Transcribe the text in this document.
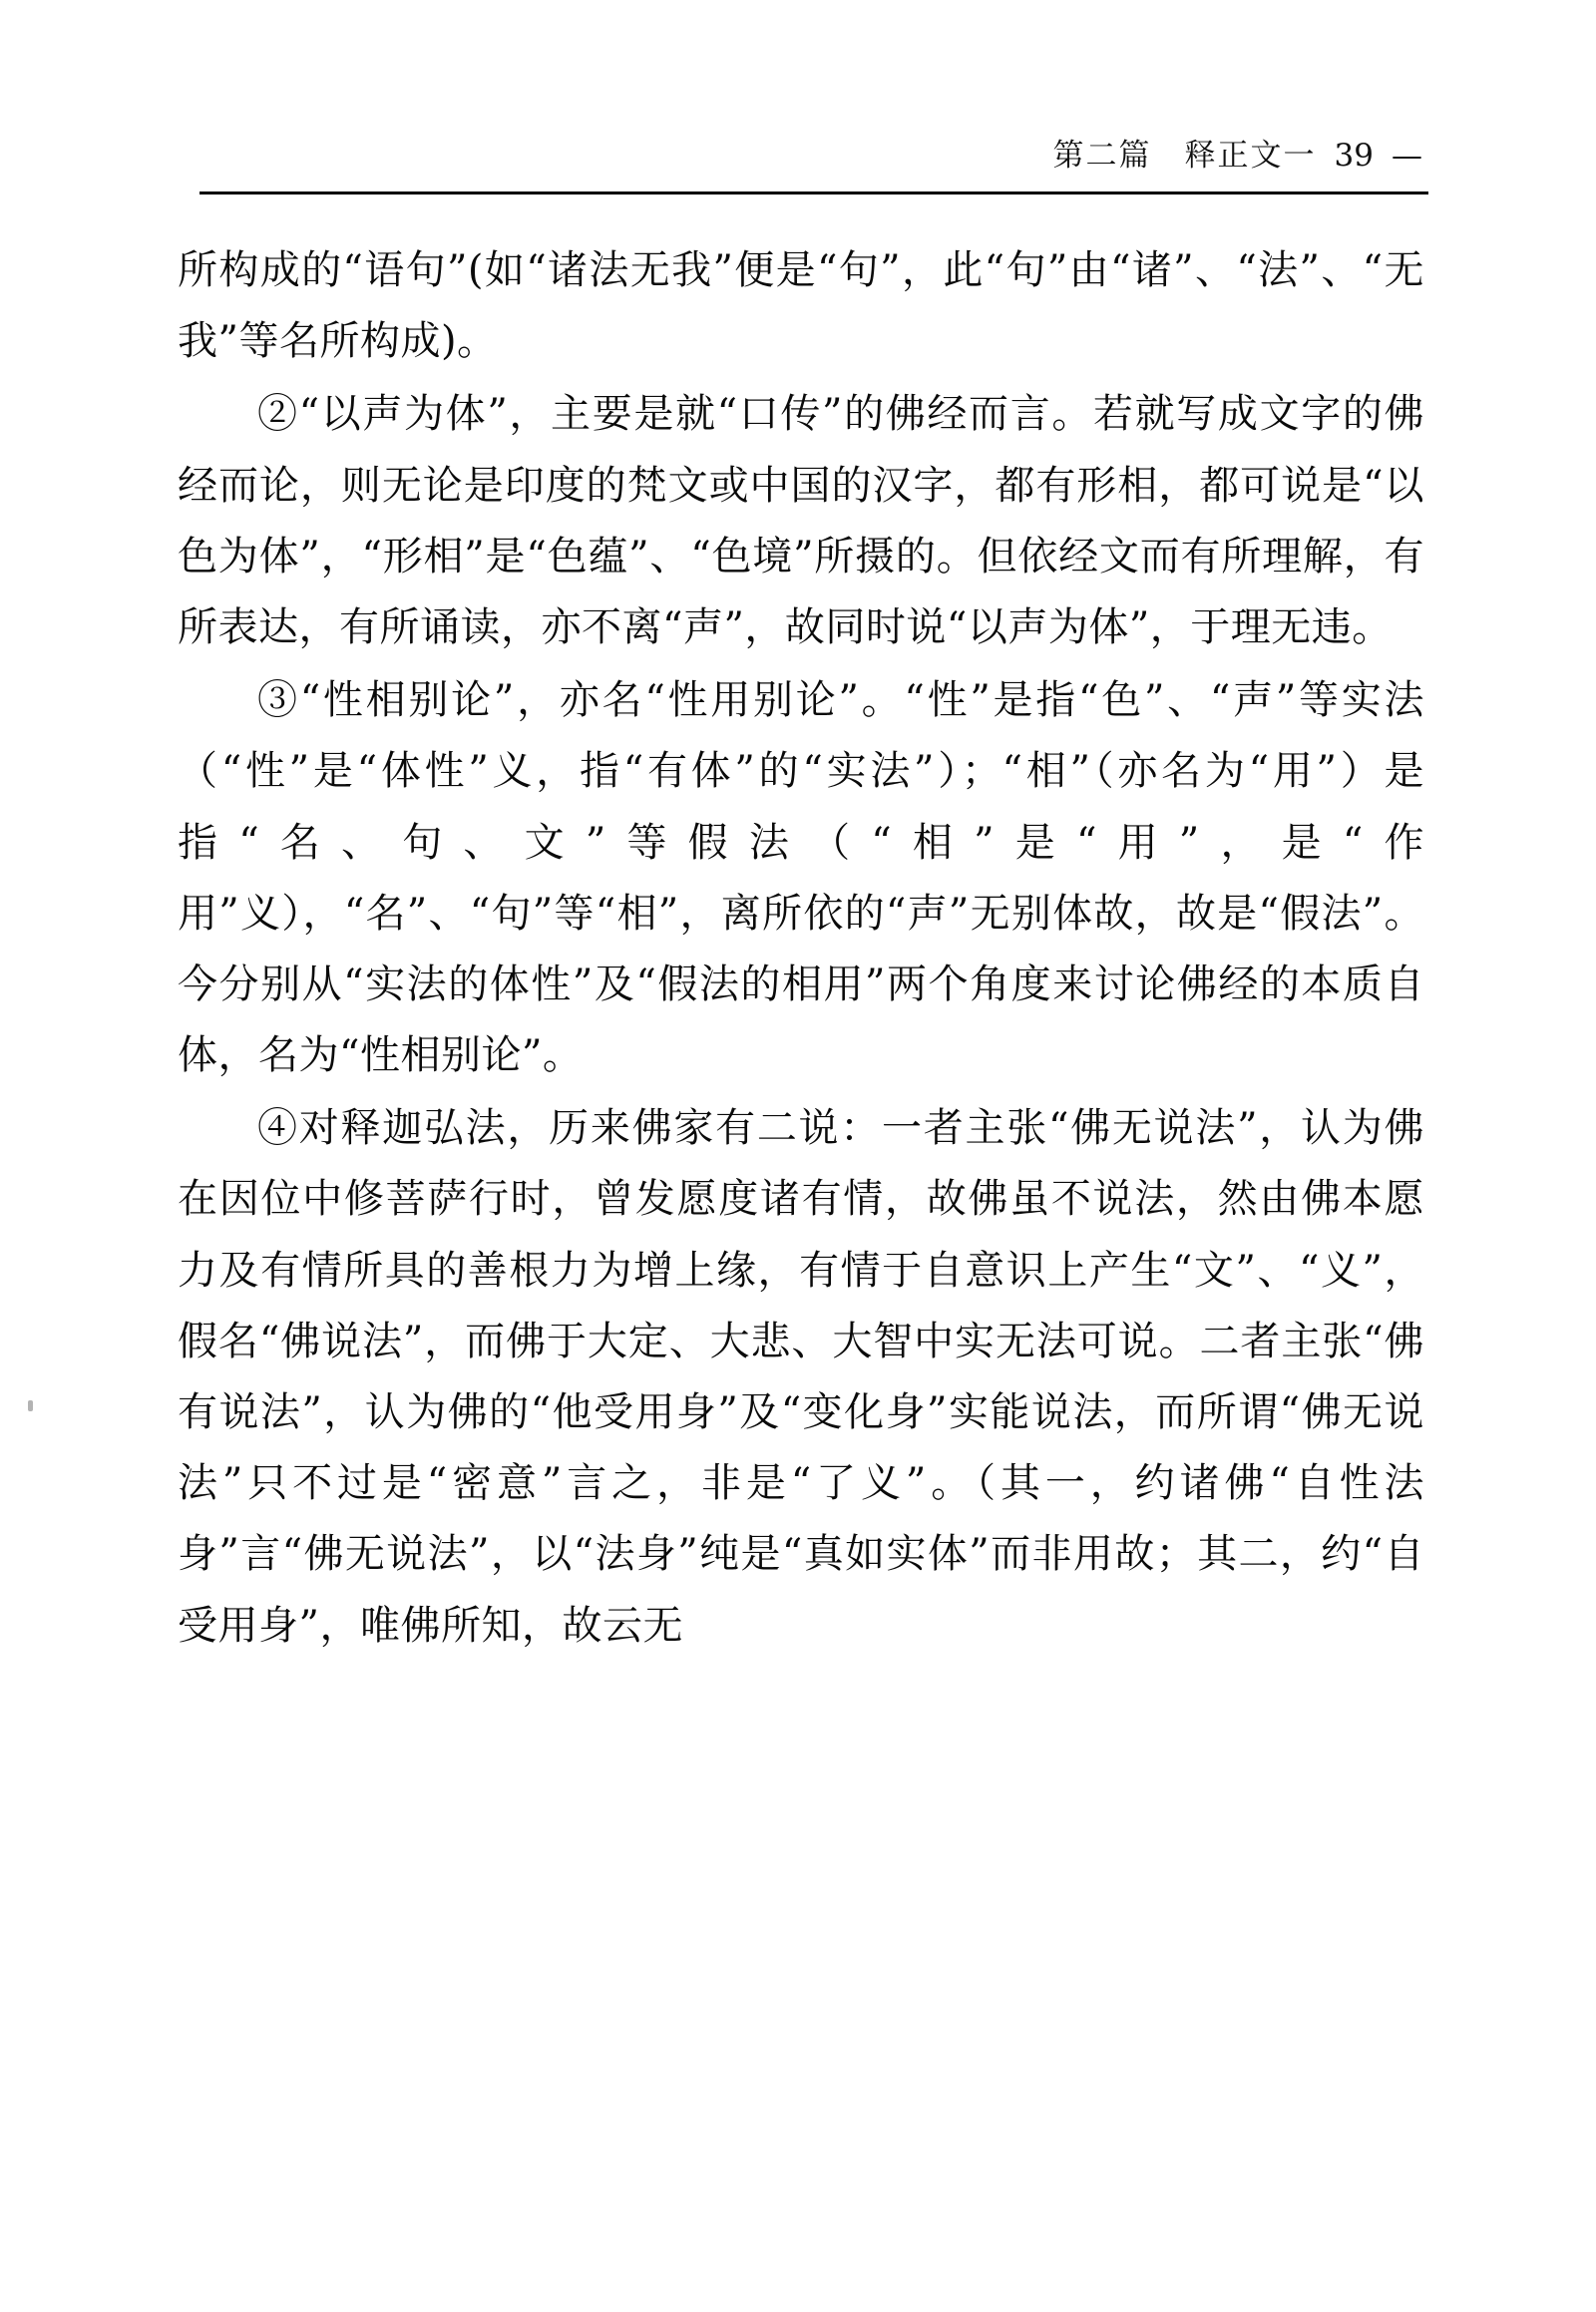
第二篇　释正文一 39 —

所构成的“语句”(如“诸法无我”便是“句”，此“句”由“诸”、“法”、“无我”等名所构成)。

②“以声为体”，主要是就“口传”的佛经而言。若就写成文字的佛经而论，则无论是印度的梵文或中国的汉字，都有形相，都可说是“以色为体”，“形相”是“色蕴”、“色境”所摄的。但依经文而有所理解，有所表达，有所诵读，亦不离“声”，故同时说“以声为体”，于理无违。

③“性相别论”，亦名“性用别论”。“性”是指“色”、“声”等实法（“性”是“体性”义，指“有体”的“实法”）；“相”（亦名为“用”）是指“名、句、文”等假法（“相”是“用”，是“作用”义），“名”、“句”等“相”，离所依的“声”无别体故，故是“假法”。今分别从“实法的体性”及“假法的相用”两个角度来讨论佛经的本质自体，名为“性相别论”。

④对释迦弘法，历来佛家有二说：一者主张“佛无说法”，认为佛在因位中修菩萨行时，曾发愿度诸有情，故佛虽不说法，然由佛本愿力及有情所具的善根力为增上缘，有情于自意识上产生“文”、“义”，假名“佛说法”，而佛于大定、大悲、大智中实无法可说。二者主张“佛有说法”，认为佛的“他受用身”及“变化身”实能说法，而所谓“佛无说法”只不过是“密意”言之，非是“了义”。（其一，约诸佛“自性法身”言“佛无说法”，以“法身”纯是“真如实体”而非用故；其二，约“自受用身”，唯佛所知，故云无
